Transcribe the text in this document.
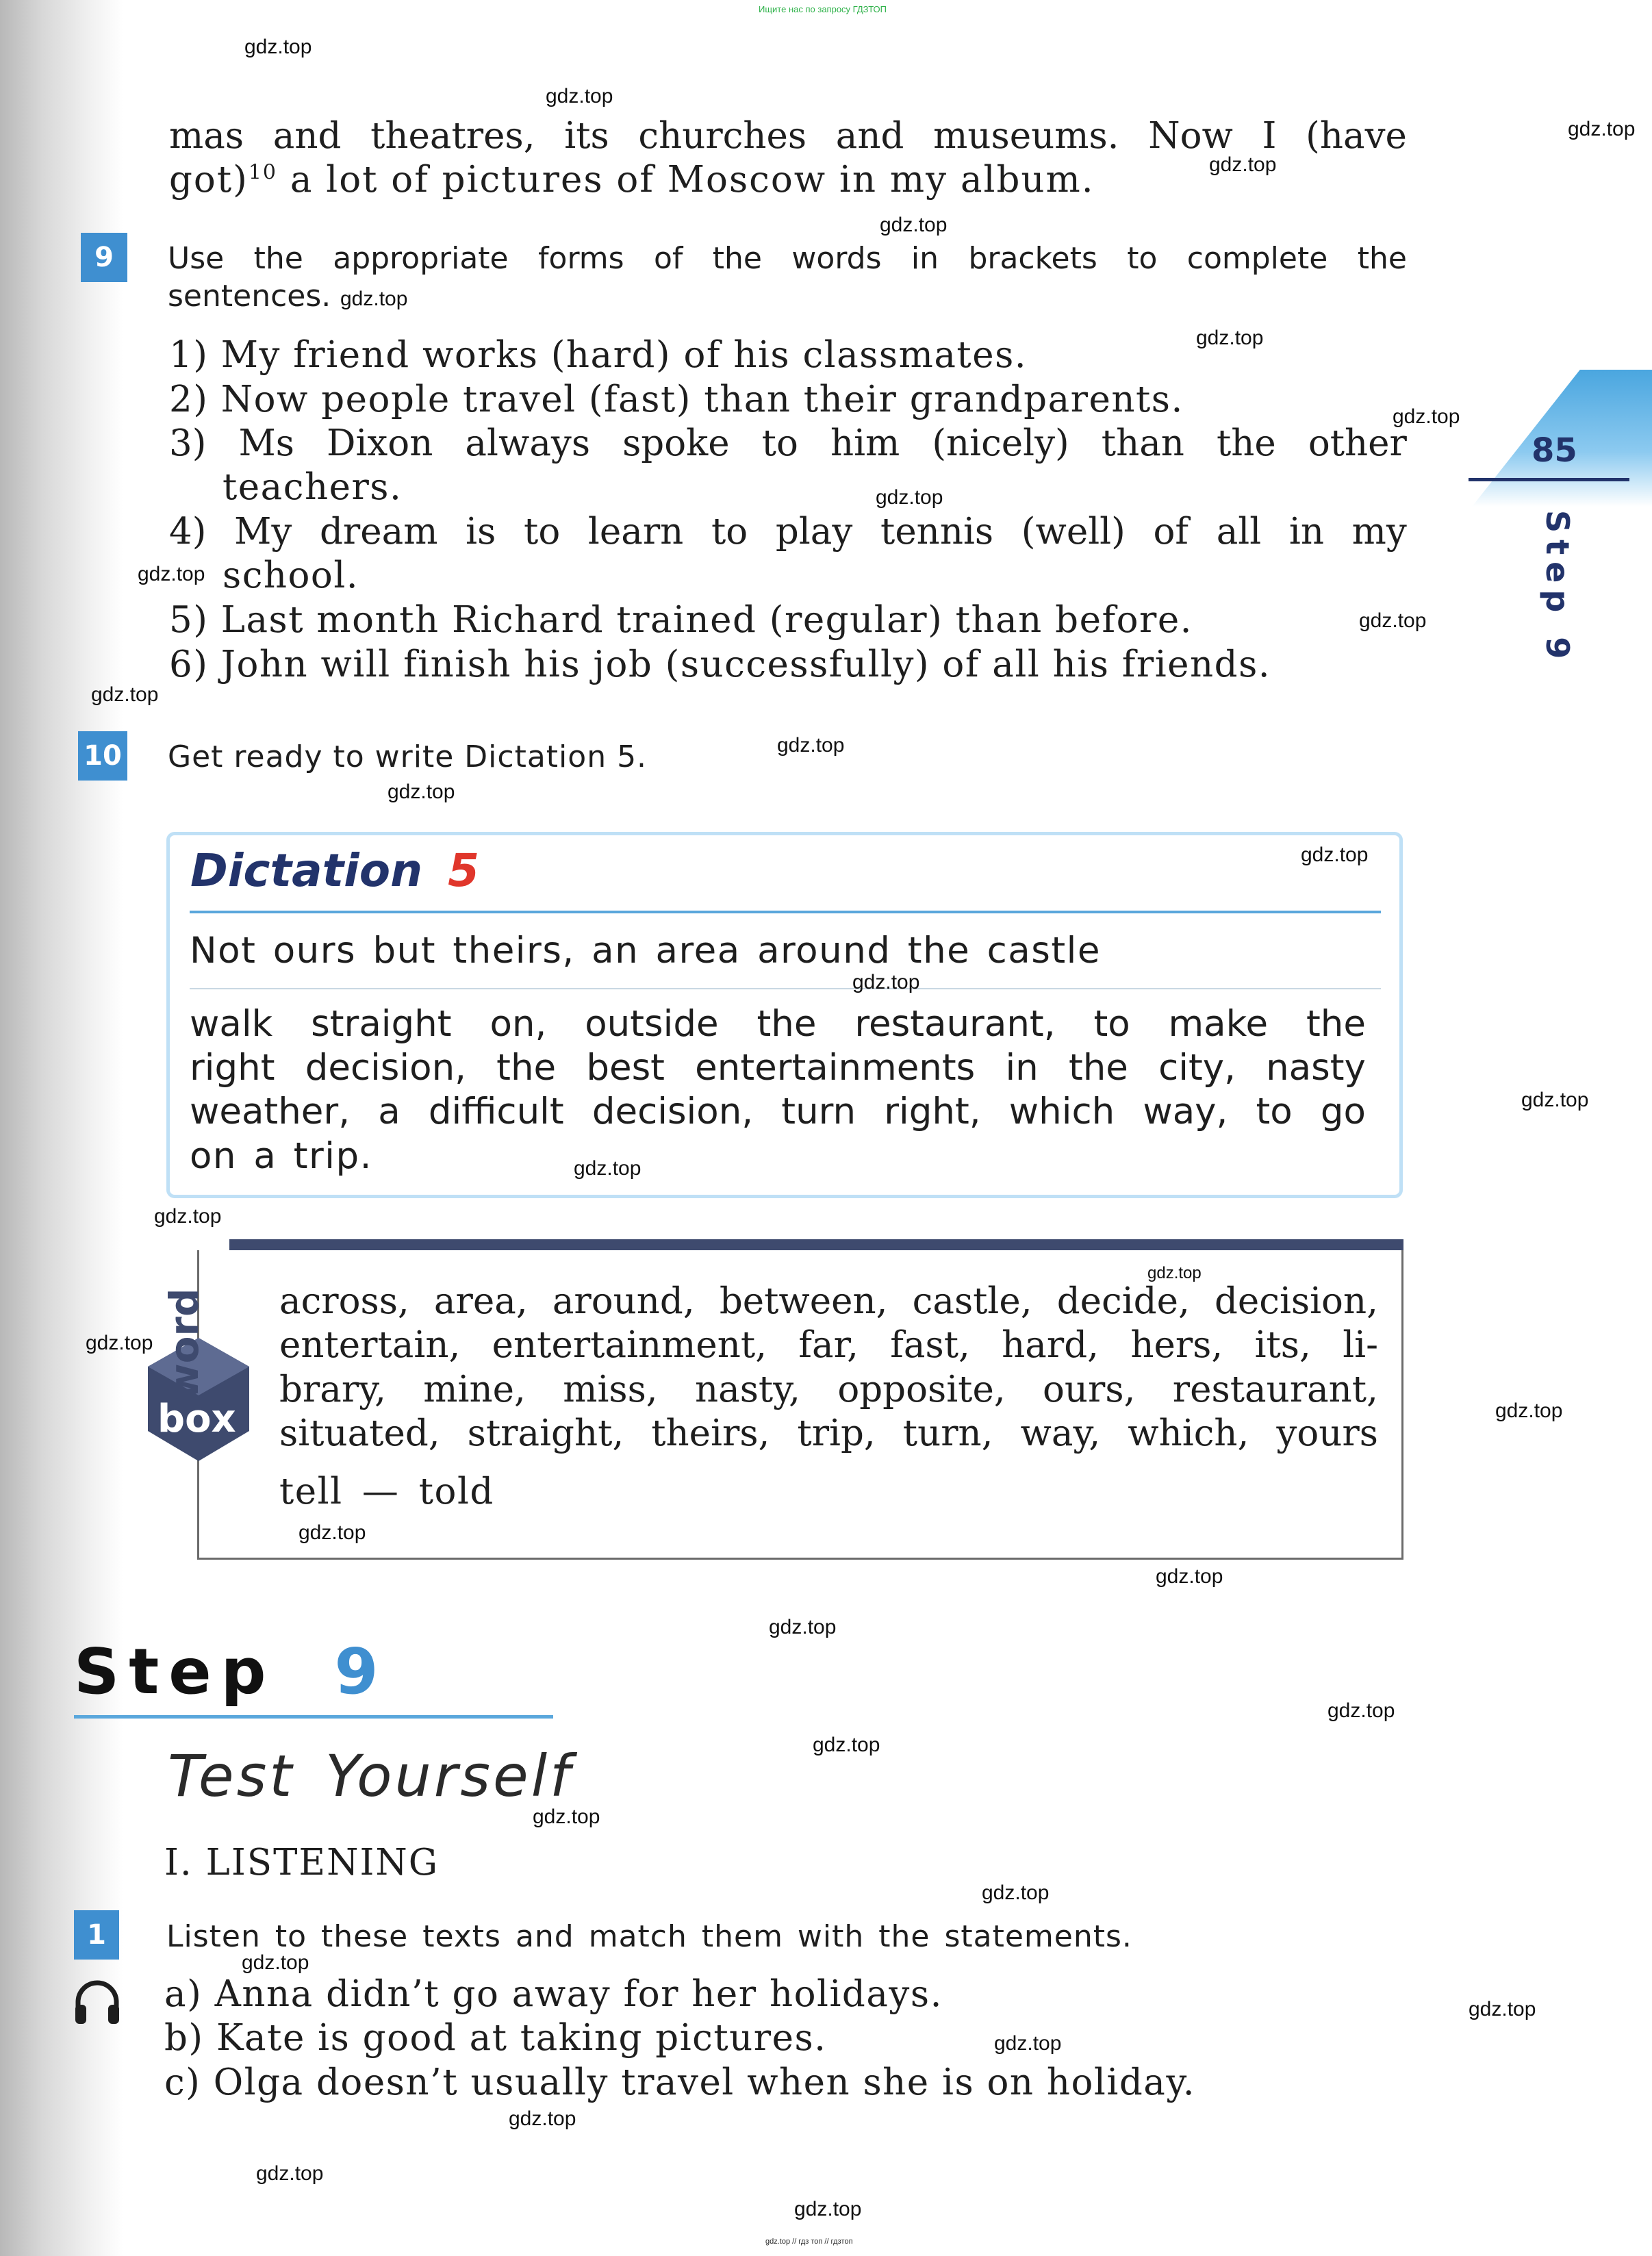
Ищите нас по запросу ГДЗТОП
gdz.top // гдз топ // гдзтоп
mas and theatres, its churches and museums. Now I (have
got)$^{10}$ a lot of pictures of Moscow in my album.
9 Use the appropriate forms of the words in brackets to complete the
sentences.
1) My friend works (hard) of his classmates.
2) Now people travel (fast) than their grandparents.
3) Ms Dixon always spoke to him (nicely) than the other
teachers.
4) My dream is to learn to play tennis (well) of all in my
school.
5) Last month Richard trained (regular) than before.
6) John will finish his job (successfully) of all his friends.
10 Get ready to write Dictation 5.
Dictation 5
Not ours but theirs, an area around the castle
walk straight on, outside the restaurant, to make the
right decision, the best entertainments in the city, nasty
weather, a difficult decision, turn right, which way, to go
on a trip.
word
box
across, area, around, between, castle, decide, decision,
entertain, entertainment, far, fast, hard, hers, its, li-
brary, mine, miss, nasty, opposite, ours, restaurant,
situated, straight, theirs, trip, turn, way, which, yours
tell — told
85
Step 9
Step 9
Test Yourself
I. LISTENING
1 Listen to these texts and match them with the statements.
a) Anna didn’t go away for her holidays.
b) Kate is good at taking pictures.
c) Olga doesn’t usually travel when she is on holiday.
gdz.top
gdz.top
gdz.top
gdz.top
gdz.top
gdz.top
gdz.top
gdz.top
gdz.top
gdz.top
gdz.top
gdz.top
gdz.top
gdz.top
gdz.top
gdz.top
gdz.top
gdz.top
gdz.top
gdz.top
gdz.top
gdz.top
gdz.top
gdz.top
gdz.top
gdz.top
gdz.top
gdz.top
gdz.top
gdz.top
gdz.top
gdz.top
gdz.top
gdz.top
gdz.top
